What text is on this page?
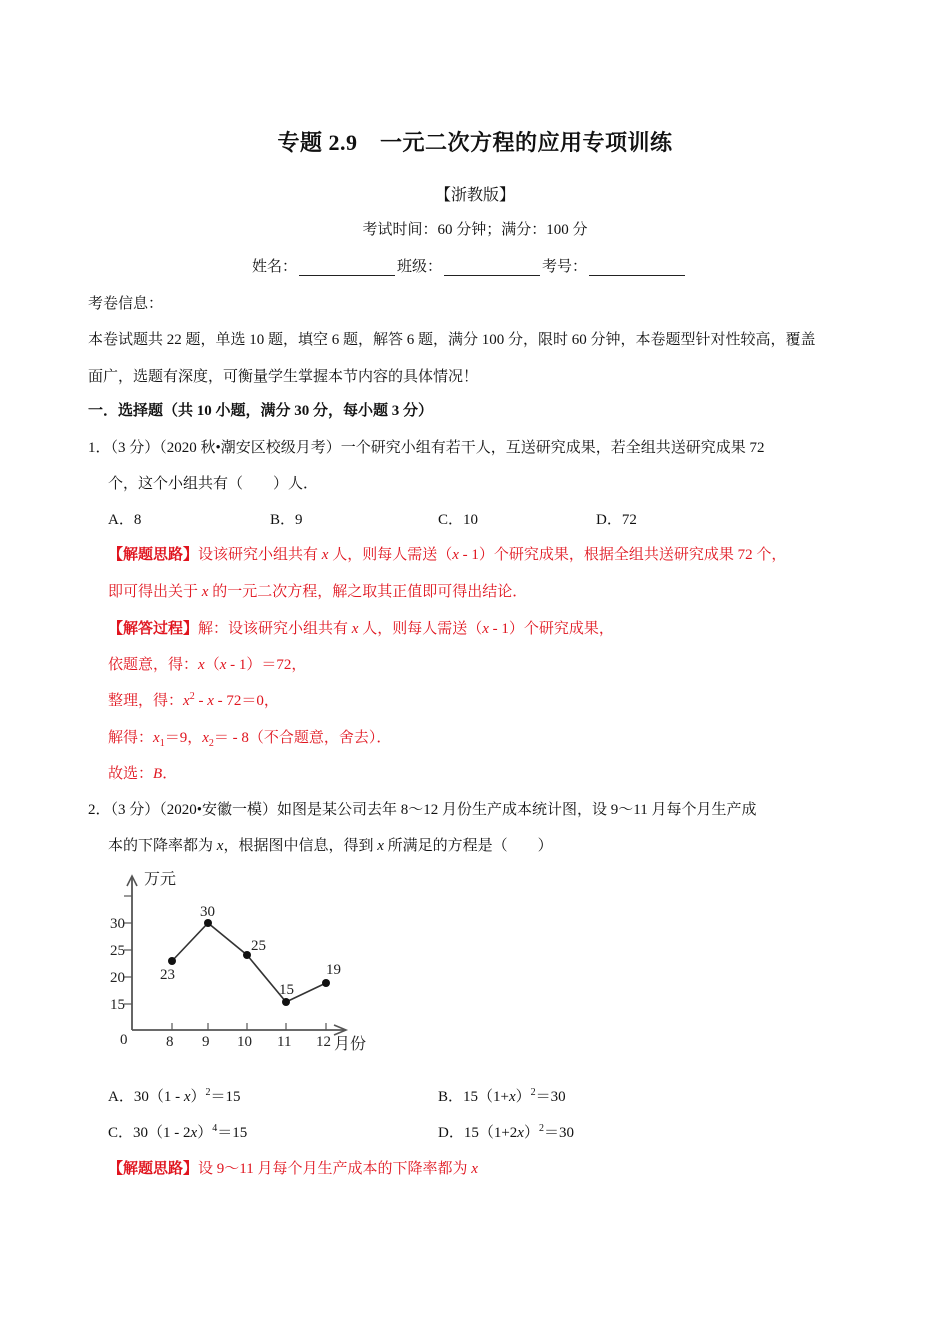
专题 2.9　一元二次方程的应用专项训练
【浙教版】
考试时间：60 分钟；满分：100 分
姓名：	班级：	考号：
考卷信息：
本卷试题共 22 题，单选 10 题，填空 6 题，解答 6 题，满分 100 分，限时 60 分钟，本卷题型针对性较高，覆盖
面广，选题有深度，可衡量学生掌握本节内容的具体情况！
一．选择题（共 10 小题，满分 30 分，每小题 3 分）
1．（3 分）（2020 秋•潮安区校级月考）一个研究小组有若干人，互送研究成果，若全组共送研究成果 72
个，这个小组共有（　　）人．
A．8	B．9	C．10	D．72
【解题思路】设该研究小组共有 x 人，则每人需送（x - 1）个研究成果，根据全组共送研究成果 72 个，
即可得出关于 x 的一元二次方程，解之取其正值即可得出结论．
【解答过程】解：设该研究小组共有 x 人，则每人需送（x - 1）个研究成果，
依题意，得：x（x - 1）＝72，
整理，得：$x^2 - x - 72=0$，
解得：$x_1=9$，$x_2= - 8$（不合题意，舍去）．
故选：B．
2．（3 分）（2020•安徽一模）如图是某公司去年 8～12 月份生产成本统计图，设 9～11 月每个月生产成
本的下降率都为 x，根据图中信息，得到 x 所满足的方程是（　　）
万元
月份
30
25
20
15
0	8 9 10 11 12
23
30
25
15
19
A．30（1 - x）$^2$＝15	B．$15(1+x)^2=30$
C．30（1 - 2x）$^4$＝15	D．$15(1+2x)^2=30$
【解题思路】设 9～11 月每个月生产成本的下降率都为 x
